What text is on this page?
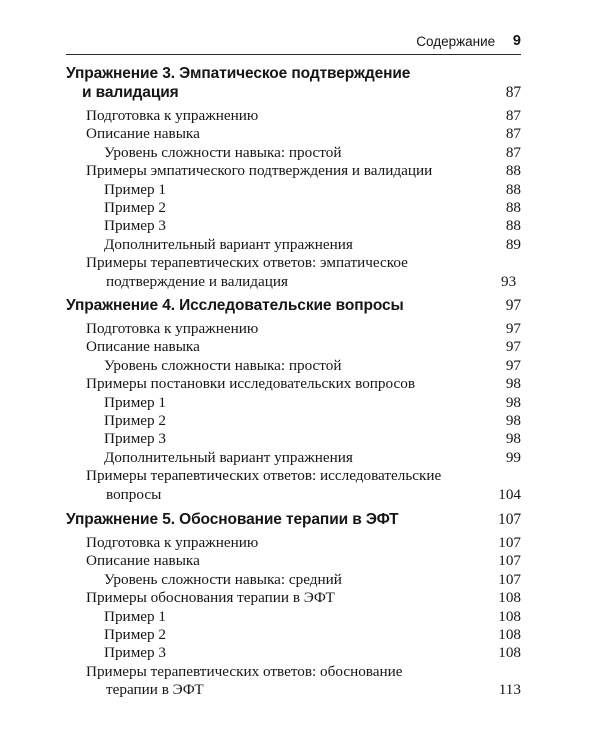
Содержание 9
Упражнение 3. Эмпатическое подтверждение
и валидация	87
Подготовка к упражнению	87
Описание навыка	87
Уровень сложности навыка: простой	87
Примеры эмпатического подтверждения и валидации	88
Пример 1	88
Пример 2	88
Пример 3	88
Дополнительный вариант упражнения	89
Примеры терапевтических ответов: эмпатическое
подтверждение и валидация	93
Упражнение 4. Исследовательские вопросы	97
Подготовка к упражнению	97
Описание навыка	97
Уровень сложности навыка: простой	97
Примеры постановки исследовательских вопросов	98
Пример 1	98
Пример 2	98
Пример 3	98
Дополнительный вариант упражнения	99
Примеры терапевтических ответов: исследовательские
вопросы	104
Упражнение 5. Обоснование терапии в ЭФТ	107
Подготовка к упражнению	107
Описание навыка	107
Уровень сложности навыка: средний	107
Примеры обоснования терапии в ЭФТ	108
Пример 1	108
Пример 2	108
Пример 3	108
Примеры терапевтических ответов: обоснование
терапии в ЭФТ	113
